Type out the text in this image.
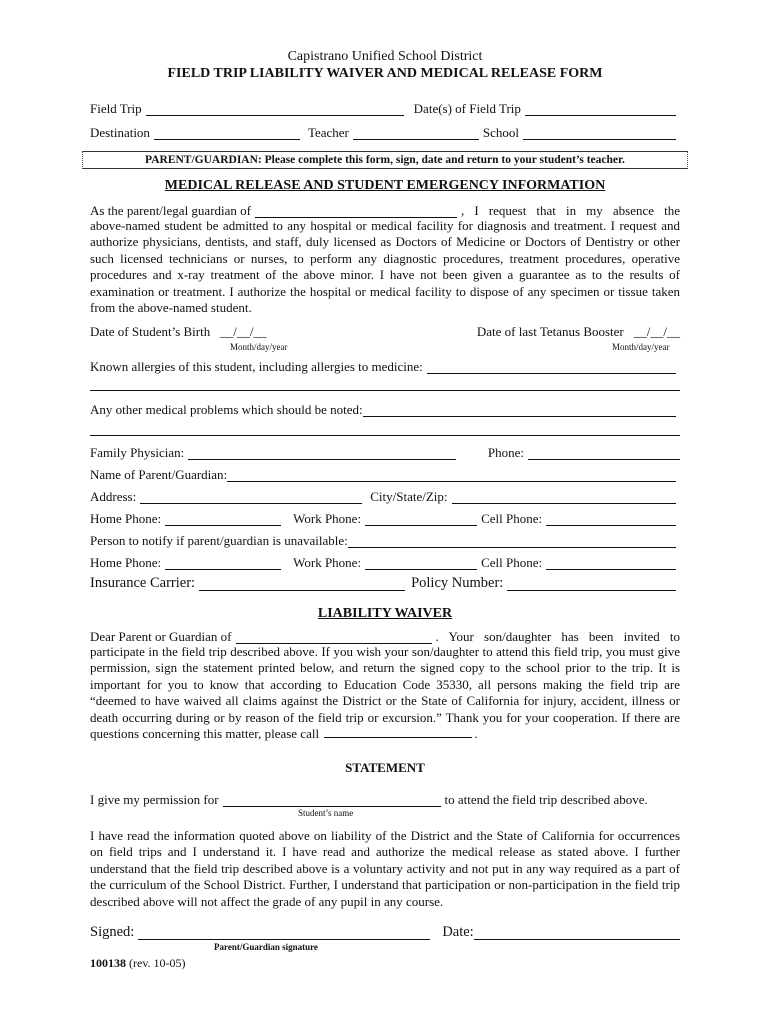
Capistrano Unified School District

FIELD TRIP LIABILITY WAIVER AND MEDICAL RELEASE FORM

Field Trip	Date(s) of Field Trip
Destination	Teacher	School
PARENT/GUARDIAN: Please complete this form, sign, date and return to your student’s teacher.

MEDICAL RELEASE AND STUDENT EMERGENCY INFORMATION

As the parent/legal guardian of	, I request that in my absence the

above-named student be admitted to any hospital or medical facility for diagnosis and treatment. I request and authorize physicians, dentists, and staff, duly licensed as Doctors of Medicine or Doctors of Dentistry or other such licensed technicians or nurses, to perform any diagnostic procedures, treatment procedures, operative procedures and x-ray treatment of the above minor. I have not been given a guarantee as to the results of examination or treatment. I authorize the hospital or medical facility to dispose of any specimen or tissue taken from the above-named student.

Date of Student’s Birth __/__/__	Date of last Tetanus Booster __/__/__
Month/day/year	Month/day/year
Known allergies of this student, including allergies to medicine:
Any other medical problems which should be noted:
Family Physician:	Phone:
Name of Parent/Guardian:
Address:	City/State/Zip:
Home Phone:	Work Phone:	Cell Phone:
Person to notify if parent/guardian is unavailable:
Home Phone:	Work Phone:	Cell Phone:
Insurance Carrier:	Policy Number:

LIABILITY WAIVER

Dear Parent or Guardian of	. Your son/daughter has been invited to

participate in the field trip described above. If you wish your son/daughter to attend this field trip, you must give permission, sign the statement printed below, and return the signed copy to the school prior to the trip. It is important for you to know that according to Education Code 35330, all persons making the field trip are “deemed to have waived all claims against the District or the State of California for injury, accident, illness or death occurring during or by reason of the field trip or excursion.” Thank you for your cooperation. If there are questions concerning this matter, please call	.

STATEMENT

I give my permission for	to attend the field trip described above.
Student’s name

I have read the information quoted above on liability of the District and the State of California for occurrences on field trips and I understand it. I have read and authorize the medical release as stated above. I further understand that the field trip described above is a voluntary activity and not put in any way required as a part of the curriculum of the School District. Further, I understand that participation or non-participation in the field trip described above will not affect the grade of any pupil in any course.

Signed:	Date:
Parent/Guardian signature
100138 (rev. 10-05)
